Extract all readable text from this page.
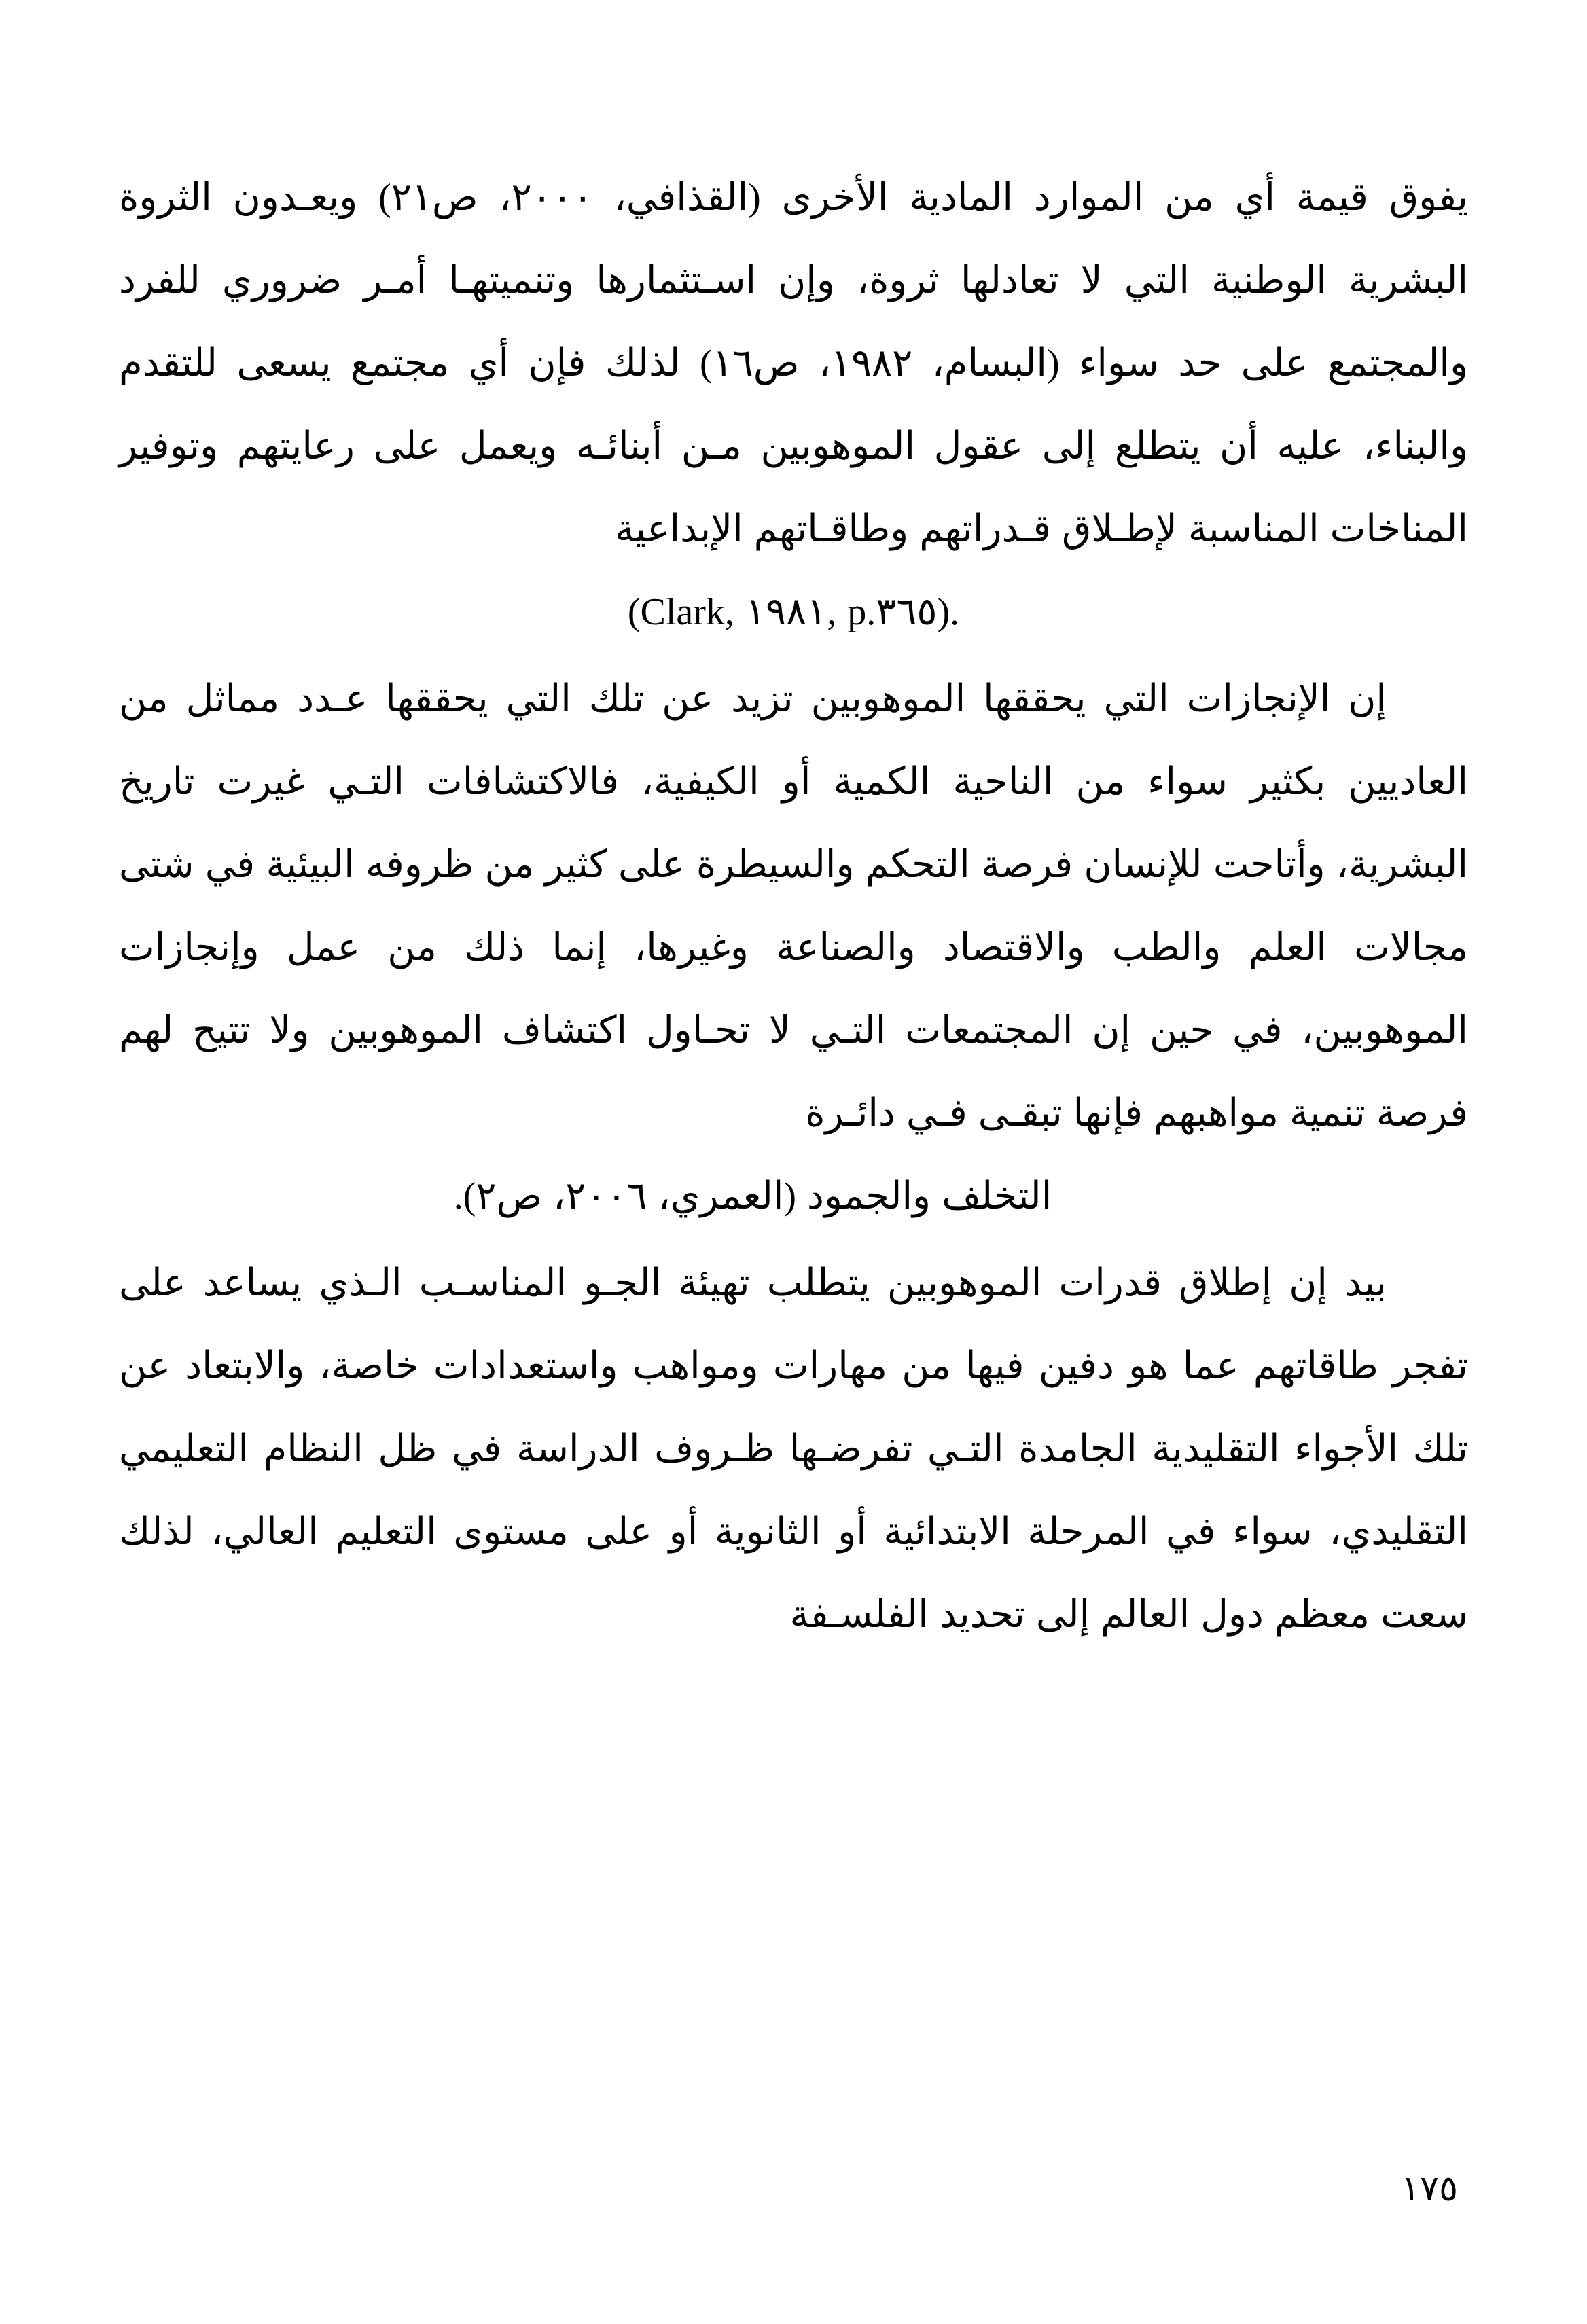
يفوق قيمة أي من الموارد المادية الأخرى (القذافي، ٢٠٠٠، ص٢١) ويعـدون الثروة البشرية الوطنية التي لا تعادلها ثروة، وإن اسـتثمارها وتنميتهـا أمـر ضروري للفرد والمجتمع على حد سواء (البسام، ١٩٨٢، ص١٦) لذلك فإن أي مجتمع يسعى للتقدم والبناء، عليه أن يتطلع إلى عقول الموهوبين مـن أبنائـه ويعمل على رعايتهم وتوفير المناخات المناسبة لإطـلاق قـدراتهم وطاقـاتهم الإبداعية
(Clark, ١٩٨١, p.٣٦٥).

إن الإنجازات التي يحققها الموهوبين تزيد عن تلك التي يحققها عـدد مماثل من العاديين بكثير سواء من الناحية الكمية أو الكيفية، فالاكتشافات التـي غيرت تاريخ البشرية، وأتاحت للإنسان فرصة التحكم والسيطرة على كثير من ظروفه البيئية في شتى مجالات العلم والطب والاقتصاد والصناعة وغيرها، إنما ذلك من عمل وإنجازات الموهوبين، في حين إن المجتمعات التـي لا تحـاول اكتشاف الموهوبين ولا تتيح لهم فرصة تنمية مواهبهم فإنها تبقـى فـي دائـرة
التخلف والجمود (العمري، ٢٠٠٦، ص٢).

بيد إن إطلاق قدرات الموهوبين يتطلب تهيئة الجـو المناسـب الـذي يساعد على تفجر طاقاتهم عما هو دفين فيها من مهارات ومواهب واستعدادات خاصة، والابتعاد عن تلك الأجواء التقليدية الجامدة التـي تفرضـها ظـروف الدراسة في ظل النظام التعليمي التقليدي، سواء في المرحلة الابتدائية أو الثانوية أو على مستوى التعليم العالي، لذلك سعت معظم دول العالم إلى تحديد الفلسـفة

١٧٥
